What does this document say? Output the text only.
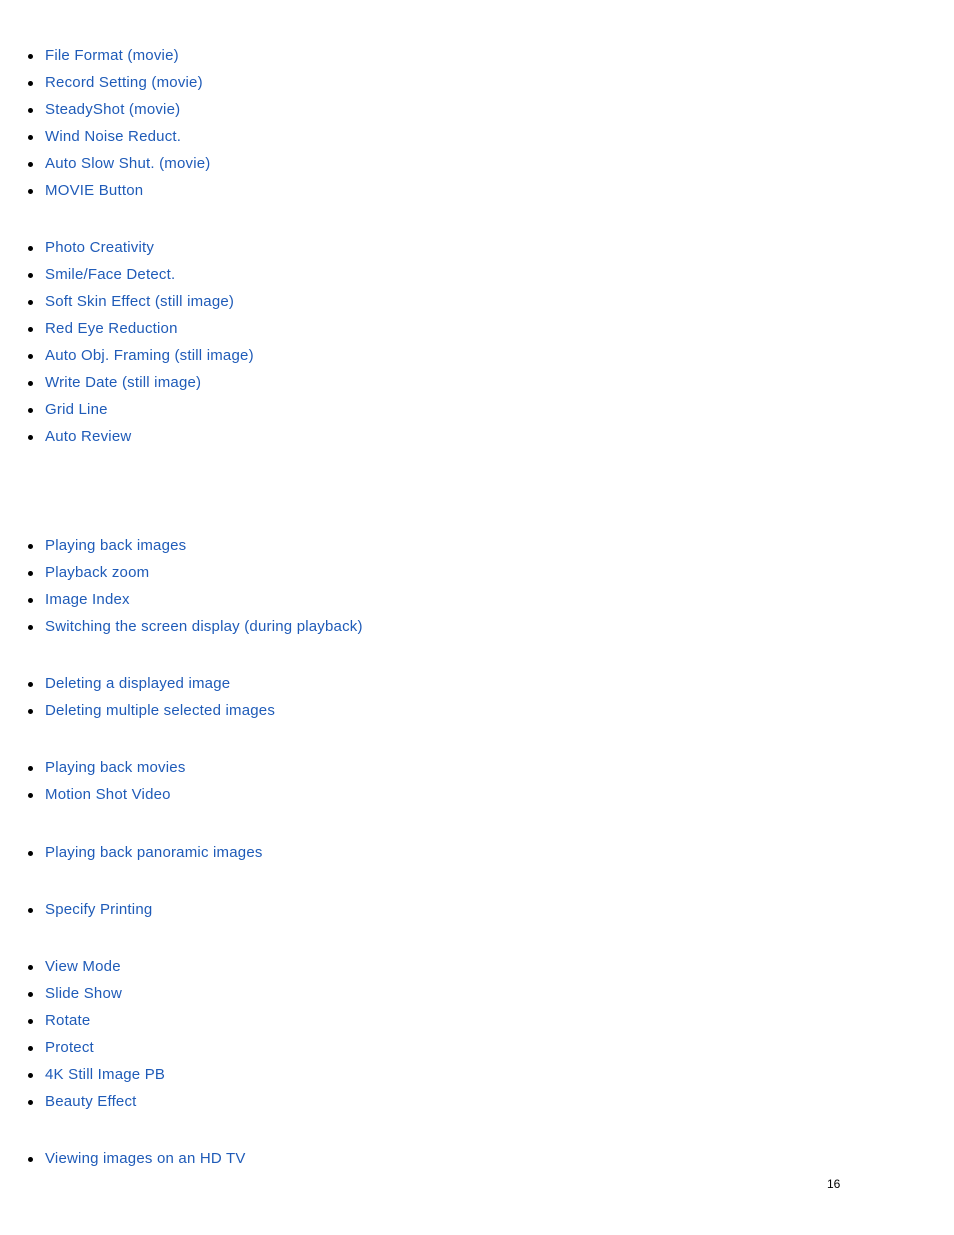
File Format (movie)
Record Setting (movie)
SteadyShot (movie)
Wind Noise Reduct.
Auto Slow Shut. (movie)
MOVIE Button
Photo Creativity
Smile/Face Detect.
Soft Skin Effect (still image)
Red Eye Reduction
Auto Obj. Framing (still image)
Write Date (still image)
Grid Line
Auto Review
Playing back images
Playback zoom
Image Index
Switching the screen display (during playback)
Deleting a displayed image
Deleting multiple selected images
Playing back movies
Motion Shot Video
Playing back panoramic images
Specify Printing
View Mode
Slide Show
Rotate
Protect
4K Still Image PB
Beauty Effect
Viewing images on an HD TV
16
